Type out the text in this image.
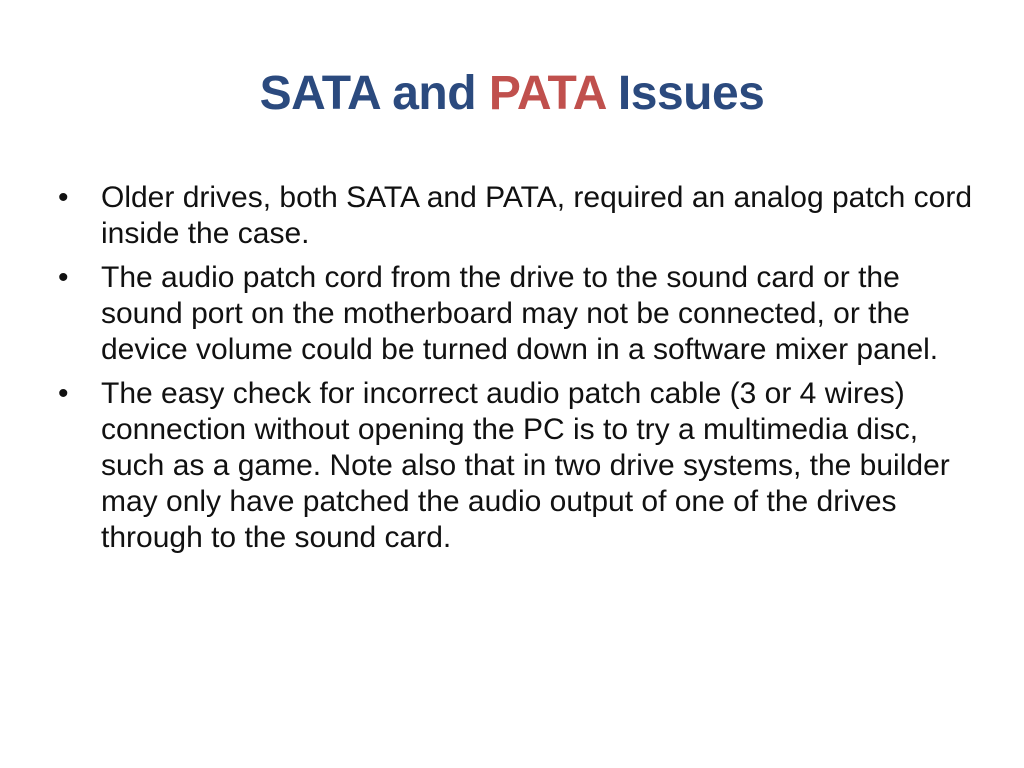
SATA and PATA Issues
•	Older drives, both SATA and PATA, required an analog patch cord inside the case.
•	The audio patch cord from the drive to the sound card or the sound port on the motherboard may not be connected, or the device volume could be turned down in a software mixer panel.
•	The easy check for incorrect audio patch cable (3 or 4 wires) connection without opening the PC is to try a multimedia disc, such as a game. Note also that in two drive systems, the builder may only have patched the audio output of one of the drives through to the sound card.
